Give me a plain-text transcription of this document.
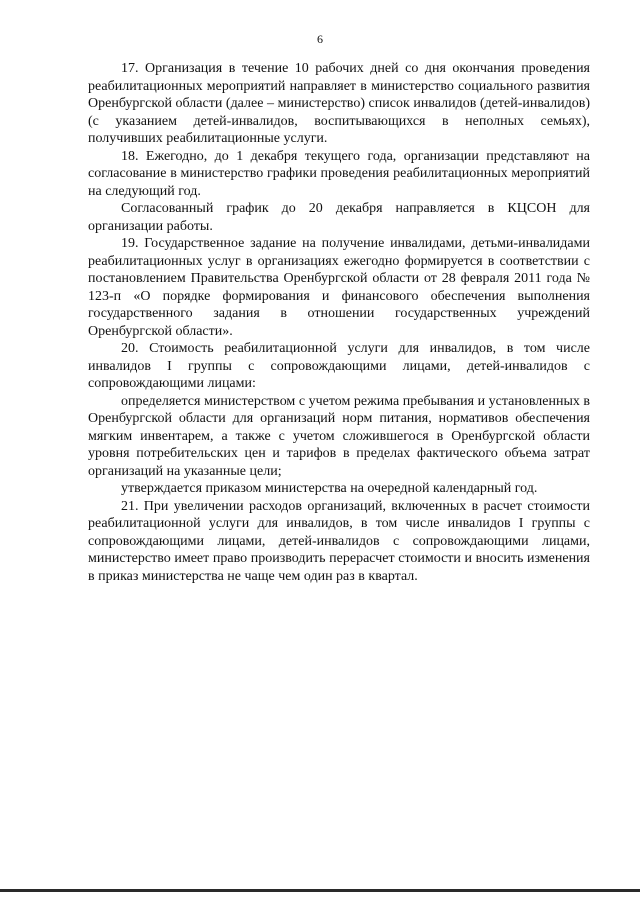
6

17. Организация в течение 10 рабочих дней со дня окончания проведения реабилитационных мероприятий направляет в министерство социального развития Оренбургской области (далее – министерство) список инвалидов (детей-инвалидов) (с указанием детей-инвалидов, воспитывающихся в неполных семьях), получивших реабилитационные услуги.

18. Ежегодно, до 1 декабря текущего года, организации представляют на согласование в министерство графики проведения реабилитационных мероприятий на следующий год.

Согласованный график до 20 декабря направляется в КЦСОН для организации работы.

19. Государственное задание на получение инвалидами, детьми-инвалидами реабилитационных услуг в организациях ежегодно формируется в соответствии с постановлением Правительства Оренбургской области от 28 февраля 2011 года № 123-п «О порядке формирования и финансового обеспечения выполнения государственного задания в отношении государственных учреждений Оренбургской области».

20. Стоимость реабилитационной услуги для инвалидов, в том числе инвалидов I группы с сопровождающими лицами, детей-инвалидов с сопровождающими лицами:

определяется министерством с учетом режима пребывания и установленных в Оренбургской области для организаций норм питания, нормативов обеспечения мягким инвентарем, а также с учетом сложившегося в Оренбургской области уровня потребительских цен и тарифов в пределах фактического объема затрат организаций на указанные цели;

утверждается приказом министерства на очередной календарный год.

21. При увеличении расходов организаций, включенных в расчет стоимости реабилитационной услуги для инвалидов, в том числе инвалидов I группы с сопровождающими лицами, детей-инвалидов с сопровождающими лицами, министерство имеет право производить перерасчет стоимости и вносить изменения в приказ министерства не чаще чем один раз в квартал.
